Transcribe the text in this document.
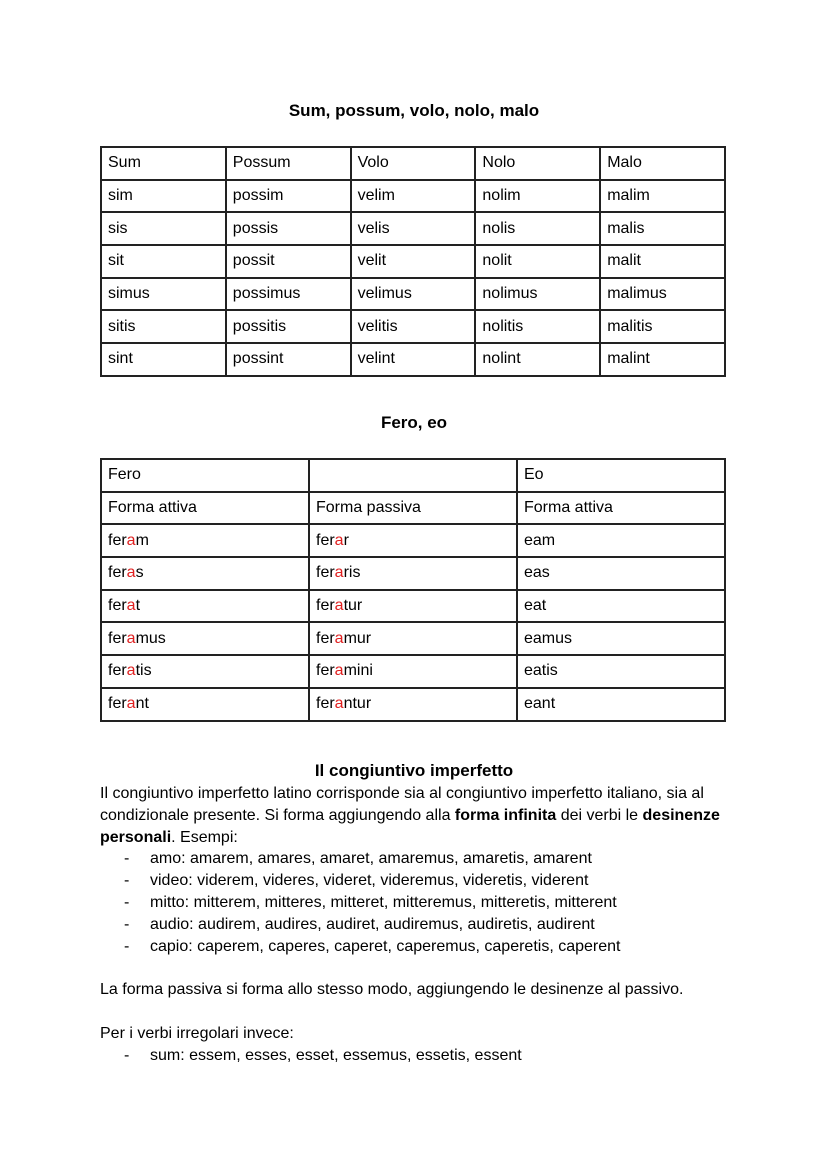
Sum, possum, volo, nolo, malo
Sum	Possum	Volo	Nolo	Malo
sim	possim	velim	nolim	malim
sis	possis	velis	nolis	malis
sit	possit	velit	nolit	malit
simus	possimus	velimus	nolimus	malimus
sitis	possitis	velitis	nolitis	malitis
sint	possint	velint	nolint	malint
Fero, eo
Fero		Eo
Forma attiva	Forma passiva	Forma attiva
feram	ferar	eam
feras	feraris	eas
ferat	feratur	eat
feramus	feramur	eamus
feratis	feramini	eatis
ferant	ferantur	eant
Il congiuntivo imperfetto

Il congiuntivo imperfetto latino corrisponde sia al congiuntivo imperfetto italiano, sia al condizionale presente. Si forma aggiungendo alla forma infinita dei verbi le desinenze personali. Esempi:

- amo: amarem, amares, amaret, amaremus, amaretis, amarent
- video: viderem, videres, videret, videremus, videretis, viderent
- mitto: mitterem, mitteres, mitteret, mitteremus, mitteretis, mitterent
- audio: audirem, audires, audiret, audiremus, audiretis, audirent
- capio: caperem, caperes, caperet, caperemus, caperetis, caperent

La forma passiva si forma allo stesso modo, aggiungendo le desinenze al passivo.

Per i verbi irregolari invece:

- sum: essem, esses, esset, essemus, essetis, essent
